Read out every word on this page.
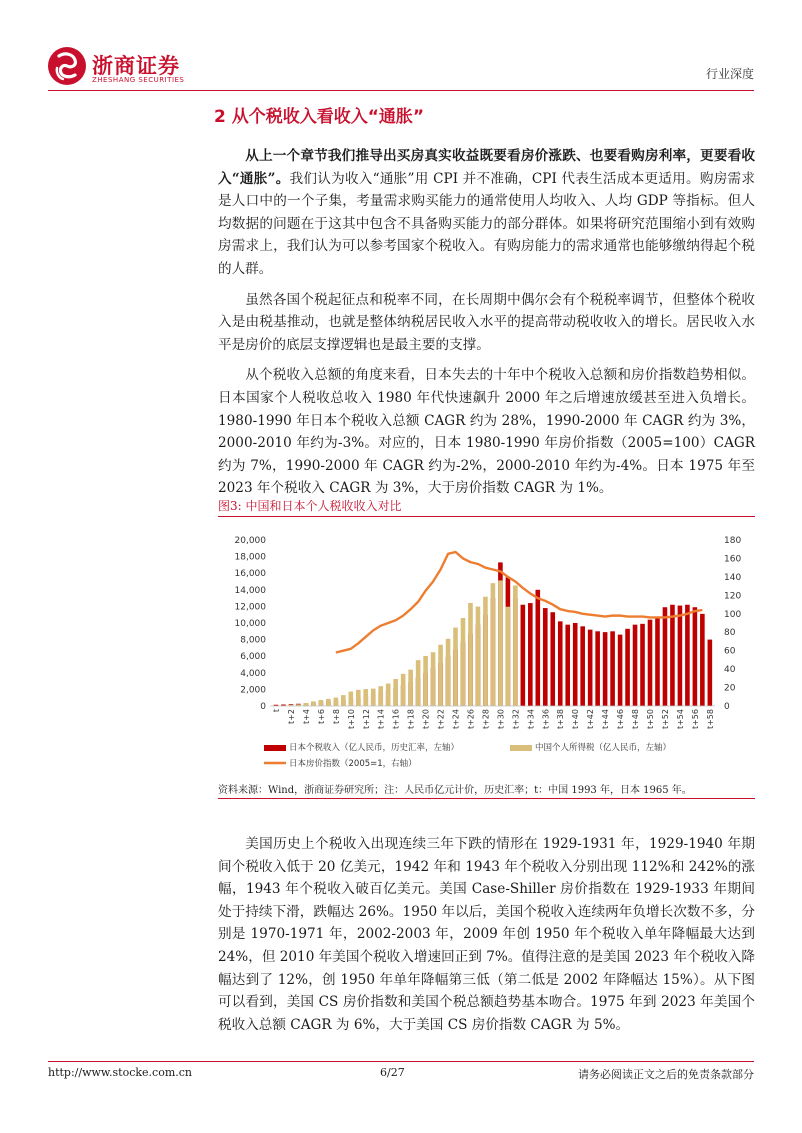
浙商证券
ZHESHANG SECURITIES	行业深度
2 从个税收入看收入“通胀”

从上一个章节我们推导出买房真实收益既要看房价涨跌、也要看购房利率，更要看收入“通胀”。我们认为收入“通胀”用 CPI 并不准确，CPI 代表生活成本更适用。购房需求是人口中的一个子集，考量需求购买能力的通常使用人均收入、人均 GDP 等指标。但人均数据的问题在于这其中包含不具备购买能力的部分群体。如果将研究范围缩小到有效购房需求上，我们认为可以参考国家个税收入。有购房能力的需求通常也能够缴纳得起个税的人群。

虽然各国个税起征点和税率不同，在长周期中偶尔会有个税税率调节，但整体个税收入是由税基推动，也就是整体纳税居民收入水平的提高带动税收收入的增长。居民收入水平是房价的底层支撑逻辑也是最主要的支撑。

从个税收入总额的角度来看，日本失去的十年中个税收入总额和房价指数趋势相似。日本国家个人税收总收入 1980 年代快速飙升 2000 年之后增速放缓甚至进入负增长。1980-1990 年日本个税收入总额 CAGR 约为 28%，1990-2000 年 CAGR 约为 3%，2000-2010 年约为-3%。对应的，日本 1980-1990 年房价指数（2005=100）CAGR 约为 7%，1990-2000 年 CAGR 约为-2%，2000-2010 年约为-4%。日本 1975 年至 2023 年个税收入 CAGR 为 3%，大于房价指数 CAGR 为 1%。

图3: 中国和日本个人税收收入对比
0
2,000
4,000
6,000
8,000
10,000
12,000
14,000
16,000
18,000
20,000
0
20
40
60
80
100
120
140
160
180
t t+2 t+4 t+6 t+8 t+10 t+12 t+14 t+16 t+18 t+20 t+22 t+24 t+26 t+28 t+30 t+32 t+34 t+36 t+38 t+40 t+42 t+44 t+46 t+48 t+50 t+52 t+54 t+56 t+58
日本个税收入（亿人民币，历史汇率，左轴）	中国个人所得税（亿人民币，左轴）
日本房价指数（2005=1，右轴）
资料来源：Wind，浙商证券研究所；注：人民币亿元计价，历史汇率；t：中国 1993 年，日本 1965 年。

美国历史上个税收入出现连续三年下跌的情形在 1929-1931 年，1929-1940 年期间个税收入低于 20 亿美元，1942 年和 1943 年个税收入分别出现 112%和 242%的涨幅，1943 年个税收入破百亿美元。美国 Case-Shiller 房价指数在 1929-1933 年期间处于持续下滑，跌幅达 26%。1950 年以后，美国个税收入连续两年负增长次数不多，分别是 1970-1971 年，2002-2003 年，2009 年创 1950 年个税收入单年降幅最大达到 24%，但 2010 年美国个税收入增速回正到 7%。值得注意的是美国 2023 年个税收入降幅达到了 12%，创 1950 年单年降幅第三低（第二低是 2002 年降幅达 15%）。从下图可以看到，美国 CS 房价指数和美国个税总额趋势基本吻合。1975 年到 2023 年美国个税收入总额 CAGR 为 6%，大于美国 CS 房价指数 CAGR 为 5%。

http://www.stocke.com.cn	6/27	请务必阅读正文之后的免责条款部分
